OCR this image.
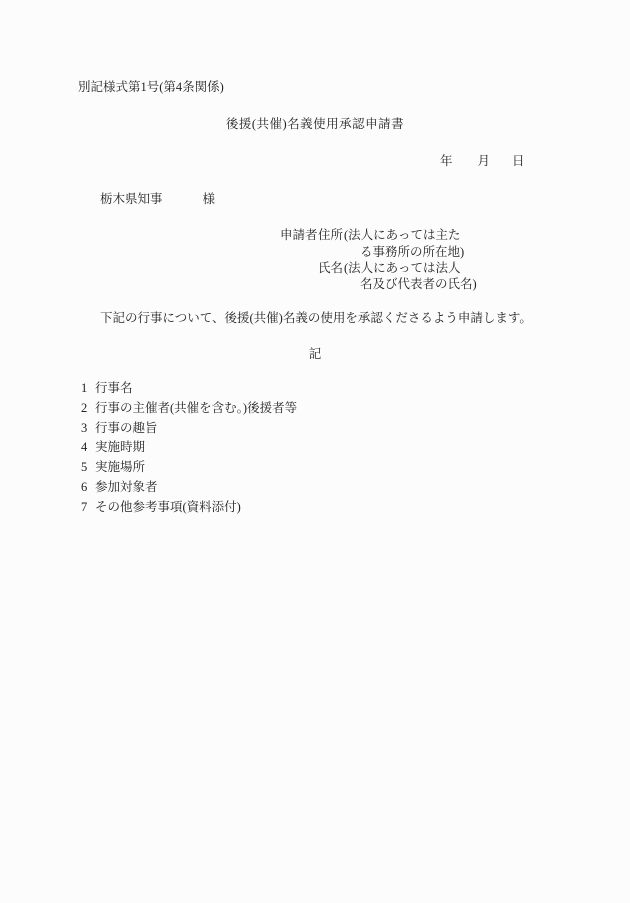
別記様式第1号(第4条関係)
後援(共催)名義使用承認申請書
年 月 日
栃木県知事	様
申請者 住所 (法人にあっては主た
る事務所の所在地)
氏名 (法人にあっては法人
名及び代表者の氏名)
下記の行事について、後援(共催)名義の使用を承認くださるよう申請します。
記
1 行事名
2 行事の主催者(共催を含む。)後援者等
3 行事の趣旨
4 実施時期
5 実施場所
6 参加対象者
7 その他参考事項(資料添付)
